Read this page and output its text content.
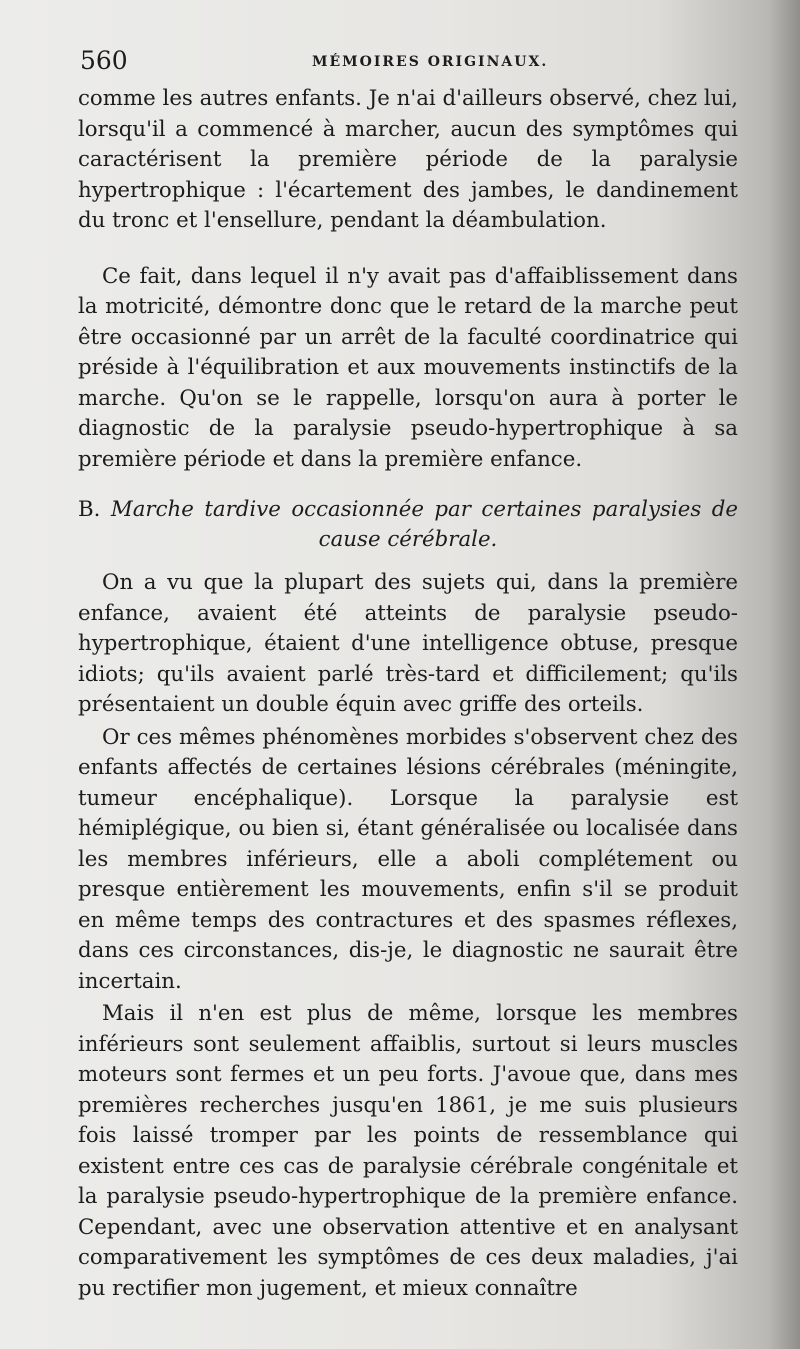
560	MÉMOIRES ORIGINAUX.

comme les autres enfants. Je n'ai d'ailleurs observé, chez lui, lorsqu'il a commencé à marcher, aucun des symptômes qui caractérisent la première période de la paralysie hypertrophique : l'écartement des jambes, le dandinement du tronc et l'ensellure, pendant la déambulation.

Ce fait, dans lequel il n'y avait pas d'affaiblissement dans la motricité, démontre donc que le retard de la marche peut être occasionné par un arrêt de la faculté coordinatrice qui préside à l'équilibration et aux mouvements instinctifs de la marche. Qu'on se le rappelle, lorsqu'on aura à porter le diagnostic de la paralysie pseudo-hypertrophique à sa première période et dans la première enfance.

B. Marche tardive occasionnée par certaines paralysies de cause cérébrale.

On a vu que la plupart des sujets qui, dans la première enfance, avaient été atteints de paralysie pseudo-hypertrophique, étaient d'une intelligence obtuse, presque idiots; qu'ils avaient parlé très-tard et difficilement; qu'ils présentaient un double équin avec griffe des orteils.

Or ces mêmes phénomènes morbides s'observent chez des enfants affectés de certaines lésions cérébrales (méningite, tumeur encéphalique). Lorsque la paralysie est hémiplégique, ou bien si, étant généralisée ou localisée dans les membres inférieurs, elle a aboli complétement ou presque entièrement les mouvements, enfin s'il se produit en même temps des contractures et des spasmes réflexes, dans ces circonstances, dis-je, le diagnostic ne saurait être incertain.

Mais il n'en est plus de même, lorsque les membres inférieurs sont seulement affaiblis, surtout si leurs muscles moteurs sont fermes et un peu forts. J'avoue que, dans mes premières recherches jusqu'en 1861, je me suis plusieurs fois laissé tromper par les points de ressemblance qui existent entre ces cas de paralysie cérébrale congénitale et la paralysie pseudo-hypertrophique de la première enfance. Cependant, avec une observation attentive et en analysant comparativement les symptômes de ces deux maladies, j'ai pu rectifier mon jugement, et mieux connaître
